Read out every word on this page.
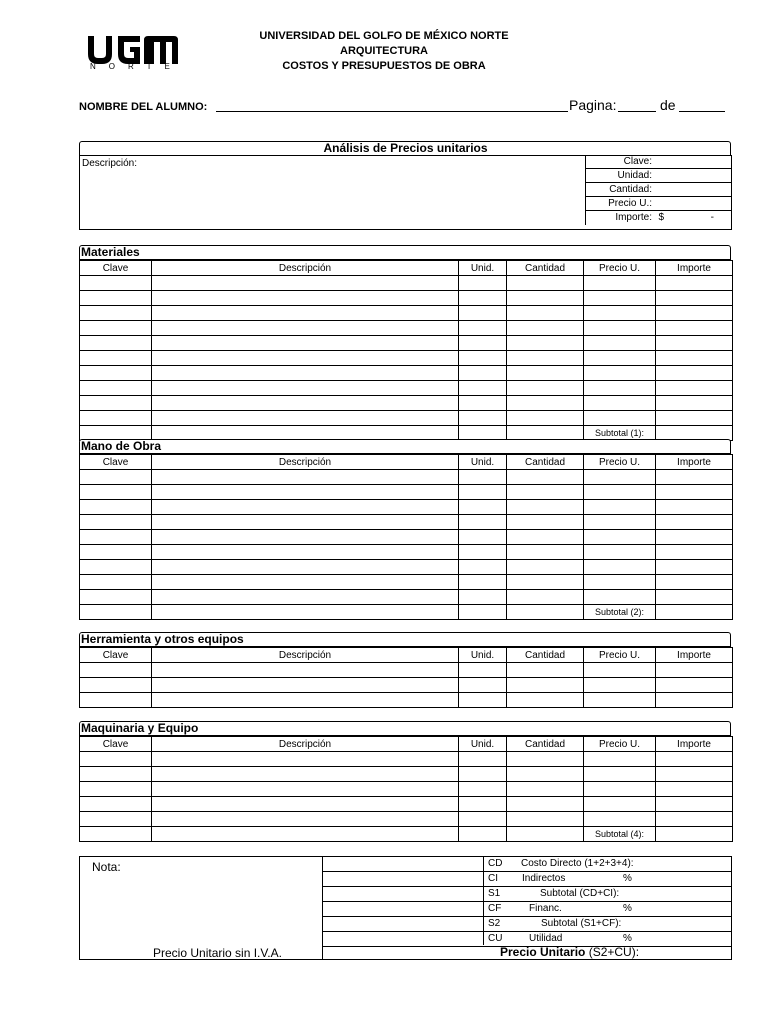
NORTE
UNIVERSIDAD DEL GOLFO DE MÉXICO NORTE
ARQUITECTURA
COSTOS Y PRESUPUESTOS DE OBRA
NOMBRE DEL ALUMNO:	Pagina:	de
Análisis de Precios unitarios
Descripción:	Clave:
Unidad:
Cantidad:
Precio U.:
Importe: $	-
Materiales
Clave	Descripción	Unid.	Cantidad	Precio U.	Importe

				Subtotal (1):	
Mano de Obra
Clave	Descripción	Unid.	Cantidad	Precio U.	Importe

				Subtotal (2):	
Herramienta y otros equipos
Clave	Descripción	Unid.	Cantidad	Precio U.	Importe

Maquinaria y Equipo
Clave	Descripción	Unid.	Cantidad	Precio U.	Importe

				Subtotal (4):	
Nota:
Precio Unitario sin I.V.A.
CD Costo Directo (1+2+3+4):
CI Indirectos	%
S1	Subtotal (CD+CI):
CF	Financ.	%
S2	Subtotal (S1+CF):
CU	Utilidad	%
Precio Unitario (S2+CU):
